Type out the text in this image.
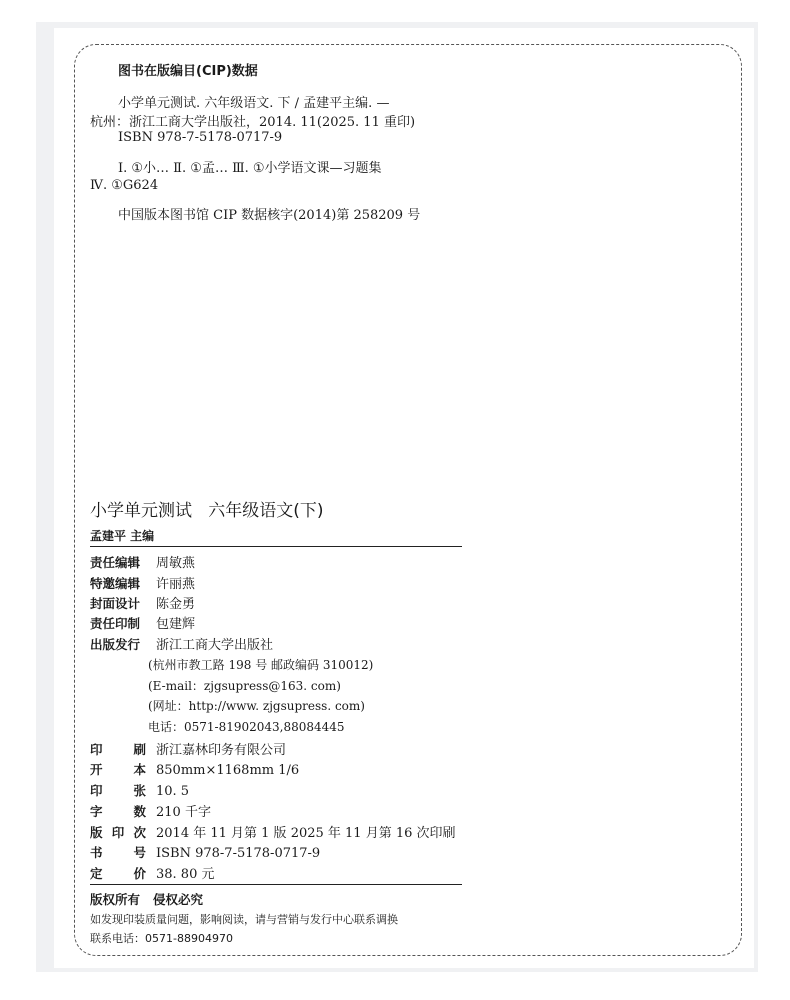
图书在版编目(CIP)数据
小学单元测试. 六年级语文. 下 / 孟建平主编. —
杭州：浙江工商大学出版社，2014. 11(2025. 11 重印)
ISBN 978-7-5178-0717-9
Ⅰ. ①小… Ⅱ. ①孟… Ⅲ. ①小学语文课—习题集
Ⅳ. ①G624
中国版本图书馆 CIP 数据核字(2014)第 258209 号
小学单元测试   六年级语文(下)
孟建平 主编
责任编辑 周敏燕
特邀编辑 许丽燕
封面设计 陈金勇
责任印制 包建辉
出版发行 浙江工商大学出版社
(杭州市教工路 198 号 邮政编码 310012)
(E-mail：zjgsupress@163. com)
(网址：http://www. zjgsupress. com)
电话：0571-81902043,88084445
印刷 浙江嘉林印务有限公司
开本 850mm×1168mm 1/6
印张 10. 5
字数 210 千字
版印次 2014 年 11 月第 1 版 2025 年 11 月第 16 次印刷
书号 ISBN 978-7-5178-0717-9
定价 38. 80 元
版权所有   侵权必究
如发现印装质量问题，影响阅读，请与营销与发行中心联系调换
联系电话：0571-88904970
